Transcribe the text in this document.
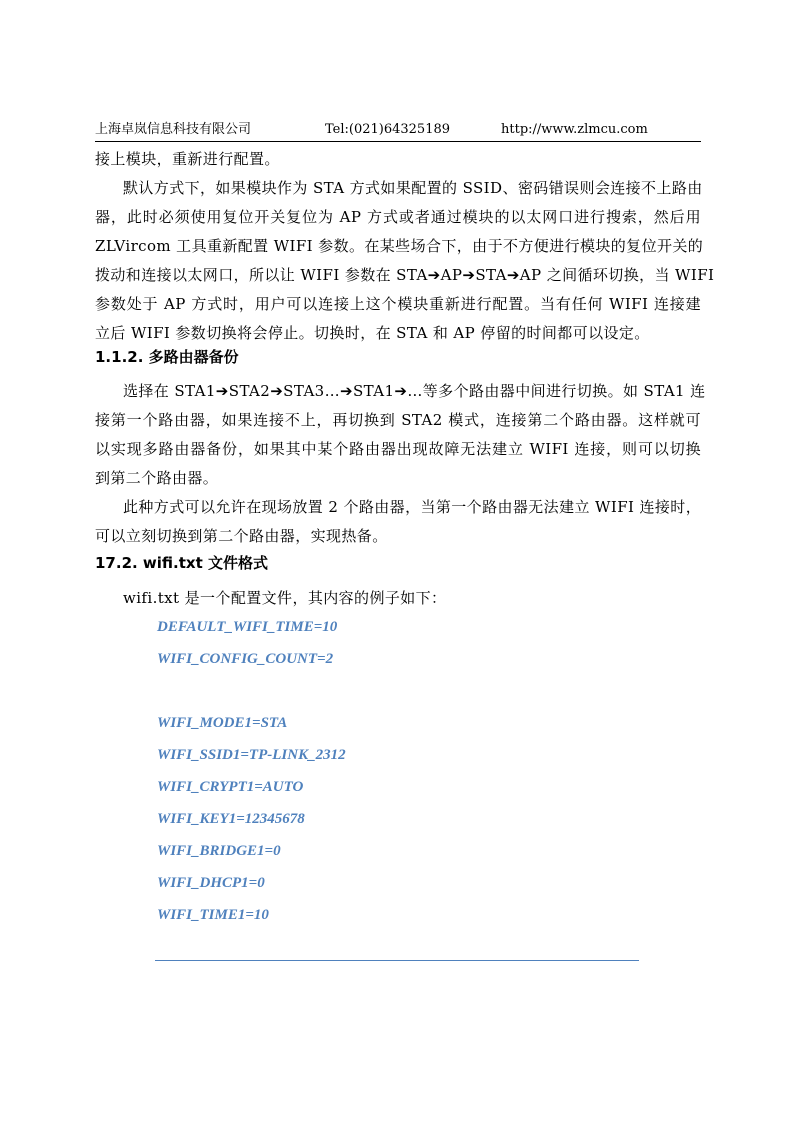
上海卓岚信息科技有限公司	Tel:(021)64325189	http://www.zlmcu.com
接上模块，重新进行配置。
默认方式下，如果模块作为 STA 方式如果配置的 SSID、密码错误则会连接不上路由
器，此时必须使用复位开关复位为 AP 方式或者通过模块的以太网口进行搜索，然后用
ZLVircom 工具重新配置 WIFI 参数。在某些场合下，由于不方便进行模块的复位开关的
拨动和连接以太网口，所以让 WIFI 参数在 STA➔AP➔STA➔AP 之间循环切换，当 WIFI
参数处于 AP 方式时，用户可以连接上这个模块重新进行配置。当有任何 WIFI 连接建
立后 WIFI 参数切换将会停止。切换时，在 STA 和 AP 停留的时间都可以设定。
1.1.2. 多路由器备份
选择在 STA1➔STA2➔STA3…➔STA1➔…等多个路由器中间进行切换。如 STA1 连
接第一个路由器，如果连接不上，再切换到 STA2 模式，连接第二个路由器。这样就可
以实现多路由器备份，如果其中某个路由器出现故障无法建立 WIFI 连接，则可以切换
到第二个路由器。
此种方式可以允许在现场放置 2 个路由器，当第一个路由器无法建立 WIFI 连接时，
可以立刻切换到第二个路由器，实现热备。
17.2. wifi.txt 文件格式
wifi.txt 是一个配置文件，其内容的例子如下：
DEFAULT_WIFI_TIME=10
WIFI_CONFIG_COUNT=2
WIFI_MODE1=STA
WIFI_SSID1=TP-LINK_2312
WIFI_CRYPT1=AUTO
WIFI_KEY1=12345678
WIFI_BRIDGE1=0
WIFI_DHCP1=0
WIFI_TIME1=10
